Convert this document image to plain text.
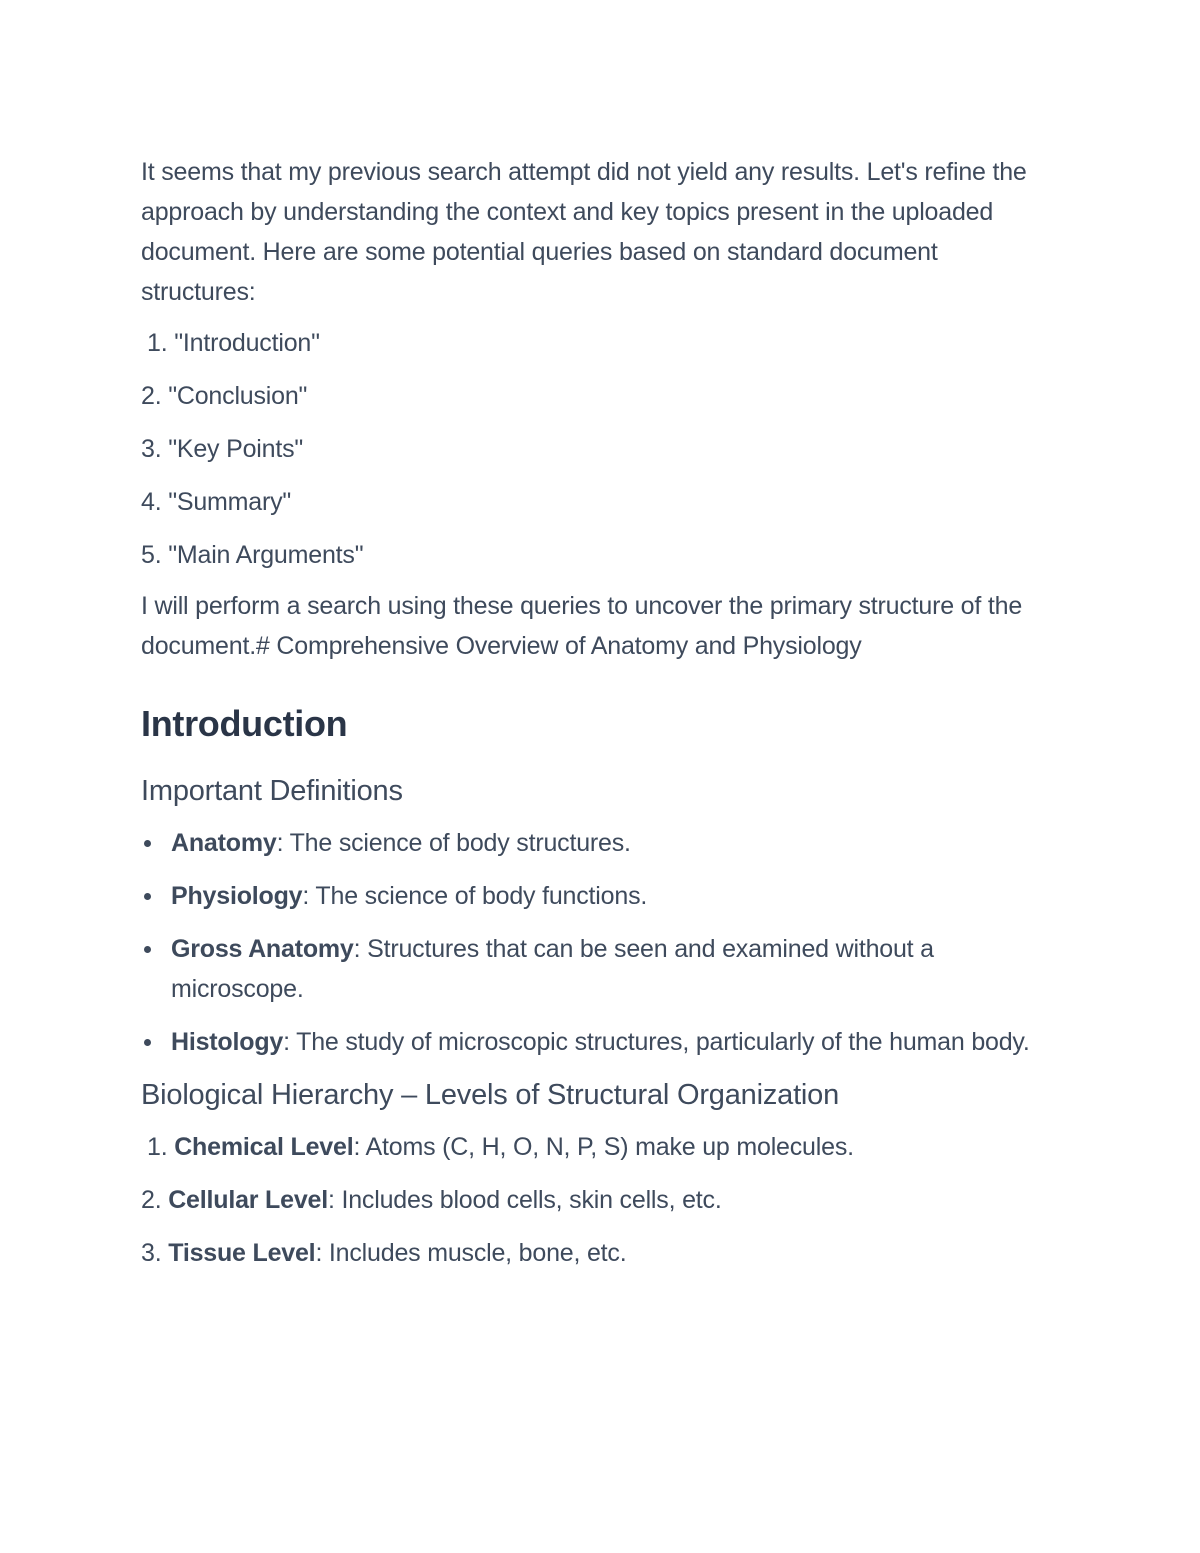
It seems that my previous search attempt did not yield any results. Let's refine the approach by understanding the context and key topics present in the uploaded document. Here are some potential queries based on standard document structures:

1. "Introduction"
2. "Conclusion"
3. "Key Points"
4. "Summary"
5. "Main Arguments"

I will perform a search using these queries to uncover the primary structure of the document.# Comprehensive Overview of Anatomy and Physiology

Introduction
Important Definitions
Anatomy: The science of body structures.
Physiology: The science of body functions.
Gross Anatomy: Structures that can be seen and examined without a microscope.
Histology: The study of microscopic structures, particularly of the human body.
Biological Hierarchy – Levels of Structural Organization
1. Chemical Level: Atoms (C, H, O, N, P, S) make up molecules.
2. Cellular Level: Includes blood cells, skin cells, etc.
3. Tissue Level: Includes muscle, bone, etc.
